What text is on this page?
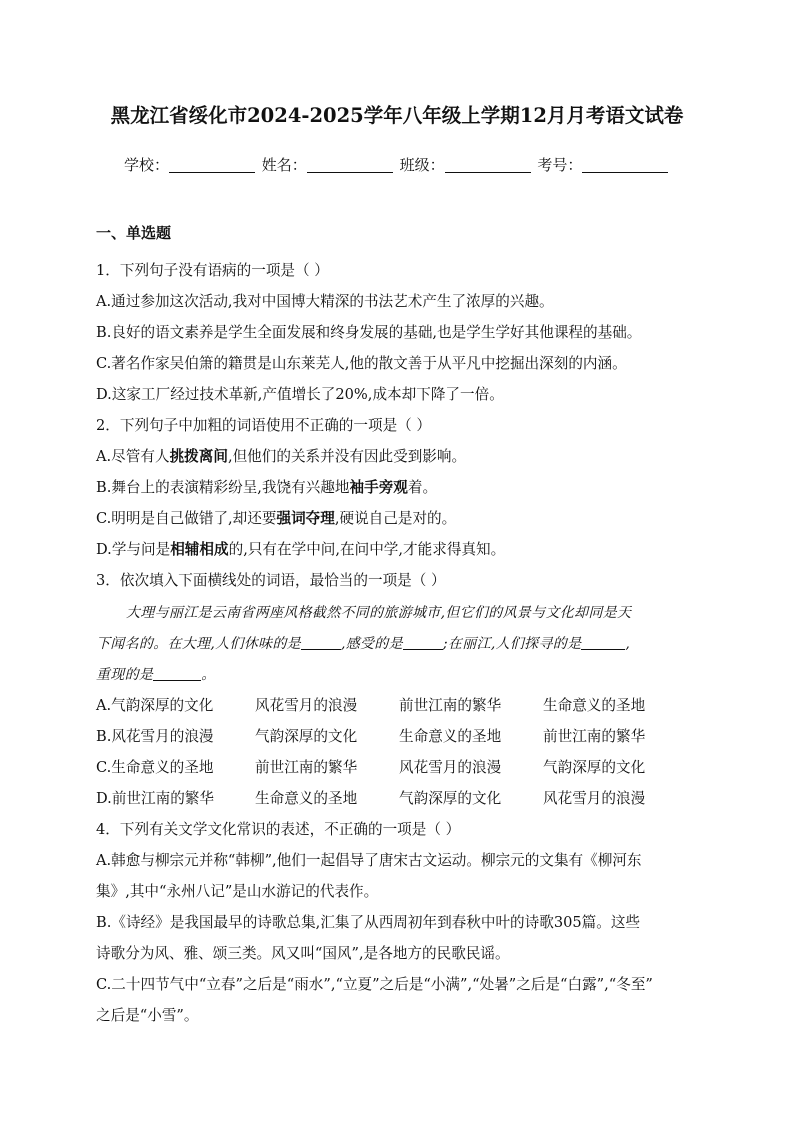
黑龙江省绥化市2024-2025学年八年级上学期12月月考语文试卷
学校：	姓名：	班级：	考号：
一、单选题
1．下列句子没有语病的一项是（ ）
A.通过参加这次活动,我对中国博大精深的书法艺术产生了浓厚的兴趣。
B.良好的语文素养是学生全面发展和终身发展的基础,也是学生学好其他课程的基础。
C.著名作家吴伯箫的籍贯是山东莱芜人,他的散文善于从平凡中挖掘出深刻的内涵。
D.这家工厂经过技术革新,产值增长了20%,成本却下降了一倍。
2．下列句子中加粗的词语使用不正确的一项是（ ）
A.尽管有人挑拨离间,但他们的关系并没有因此受到影响。
B.舞台上的表演精彩纷呈,我饶有兴趣地袖手旁观着。
C.明明是自己做错了,却还要强词夺理,硬说自己是对的。
D.学与问是相辅相成的,只有在学中问,在问中学,才能求得真知。
3．依次填入下面横线处的词语，最恰当的一项是（ ）
大理与丽江是云南省两座风格截然不同的旅游城市,但它们的风景与文化却同是天
下闻名的。在大理,人们休味的是	,感受的是	;在丽江,人们探寻的是	,
重现的是	。
A.气韵深厚的文化	风花雪月的浪漫	前世江南的繁华	生命意义的圣地
B.风花雪月的浪漫	气韵深厚的文化	生命意义的圣地	前世江南的繁华
C.生命意义的圣地	前世江南的繁华	风花雪月的浪漫	气韵深厚的文化
D.前世江南的繁华	生命意义的圣地	气韵深厚的文化	风花雪月的浪漫
4．下列有关文学文化常识的表述，不正确的一项是（ ）
A.韩愈与柳宗元并称“韩柳”,他们一起倡导了唐宋古文运动。柳宗元的文集有《柳河东
集》,其中“永州八记”是山水游记的代表作。
B.《诗经》是我国最早的诗歌总集,汇集了从西周初年到春秋中叶的诗歌305篇。这些
诗歌分为风、雅、颂三类。风又叫“国风”,是各地方的民歌民谣。
C.二十四节气中“立春”之后是“雨水”,“立夏”之后是“小满”,“处暑”之后是“白露”,“冬至”
之后是“小雪”。
